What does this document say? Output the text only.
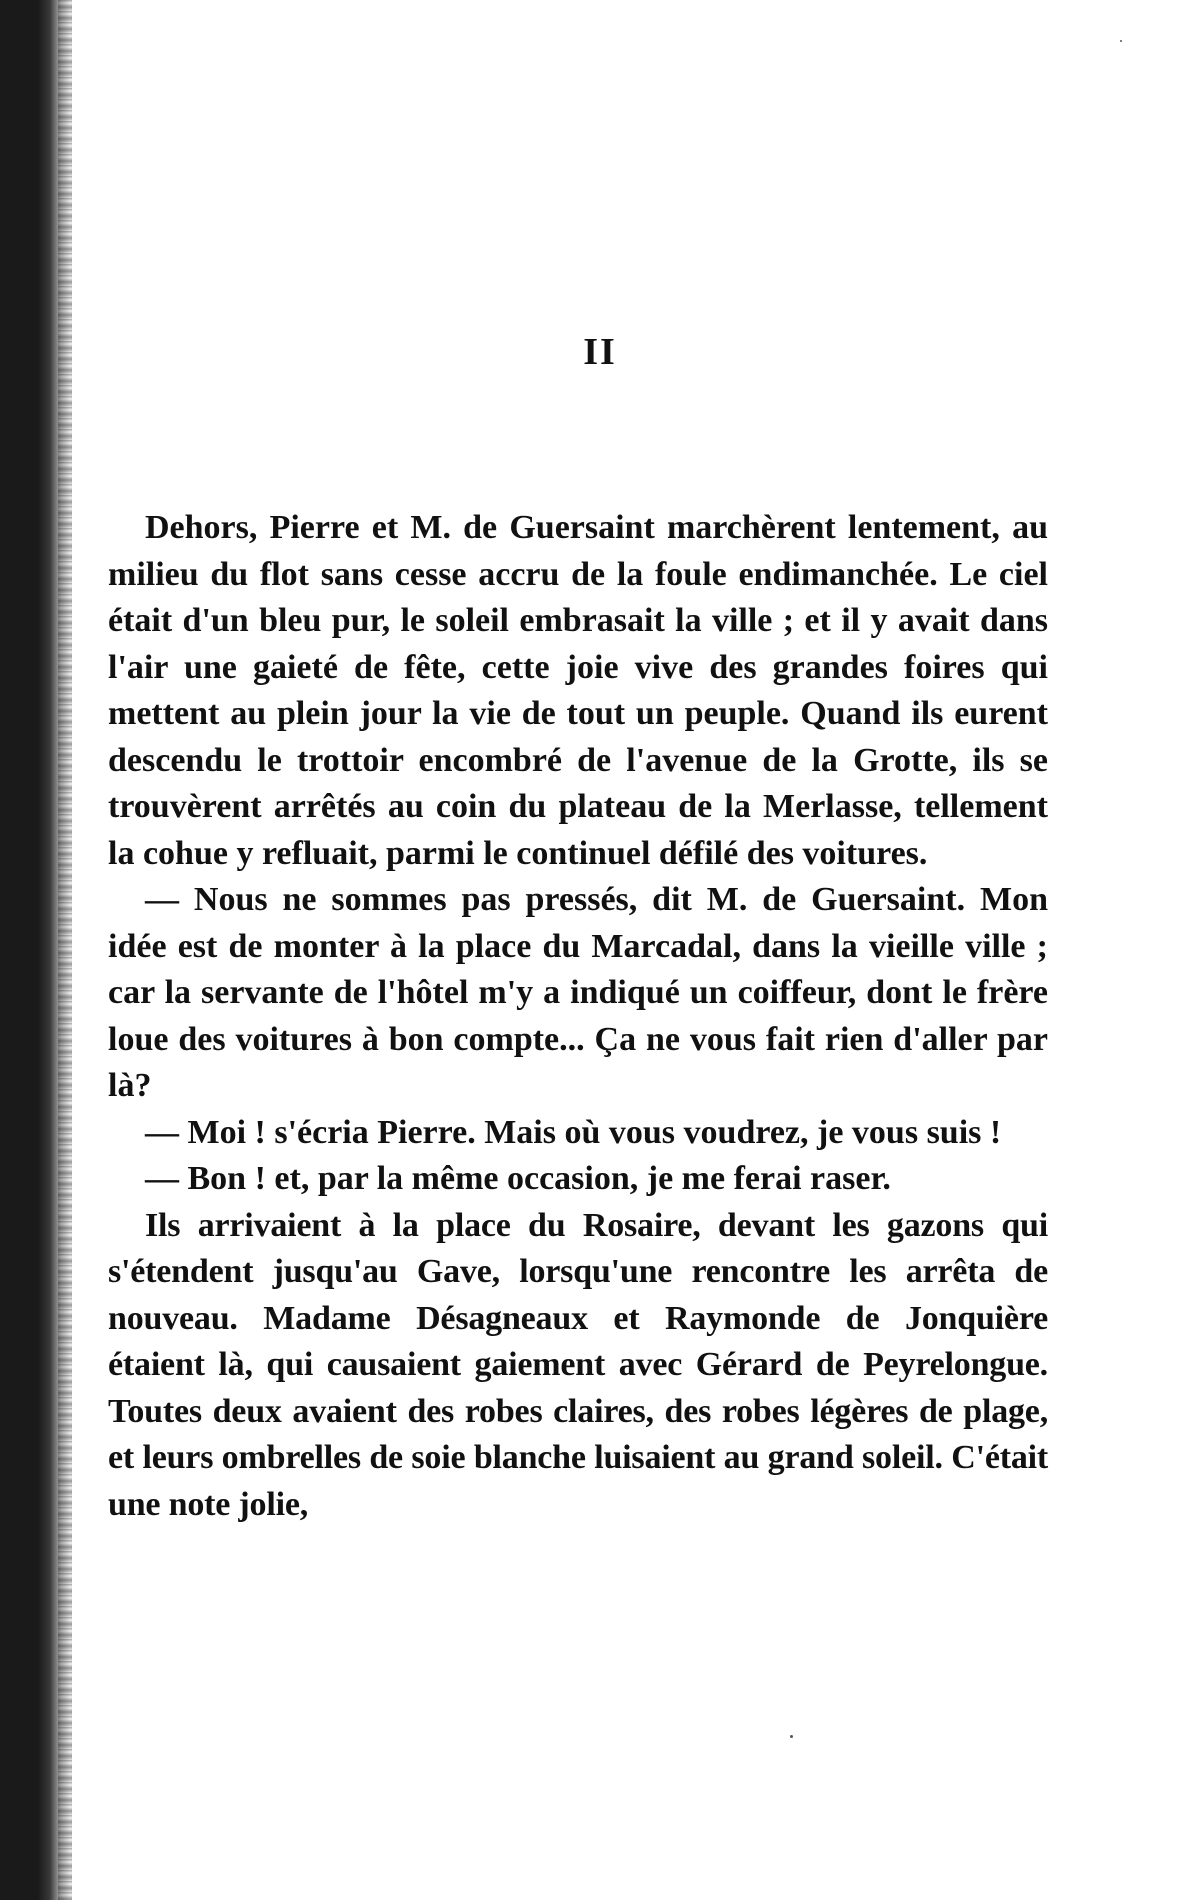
II

Dehors, Pierre et M. de Guersaint marchèrent lentement, au milieu du flot sans cesse accru de la foule endimanchée. Le ciel était d'un bleu pur, le soleil embrasait la ville ; et il y avait dans l'air une gaieté de fête, cette joie vive des grandes foires qui mettent au plein jour la vie de tout un peuple. Quand ils eurent descendu le trottoir encombré de l'avenue de la Grotte, ils se trouvèrent arrêtés au coin du plateau de la Merlasse, tellement la cohue y refluait, parmi le continuel défilé des voitures.

— Nous ne sommes pas pressés, dit M. de Guersaint. Mon idée est de monter à la place du Marcadal, dans la vieille ville ; car la servante de l'hôtel m'y a indiqué un coiffeur, dont le frère loue des voitures à bon compte... Ça ne vous fait rien d'aller par là?

— Moi ! s'écria Pierre. Mais où vous voudrez, je vous suis !

— Bon ! et, par la même occasion, je me ferai raser.

Ils arrivaient à la place du Rosaire, devant les gazons qui s'étendent jusqu'au Gave, lorsqu'une rencontre les arrêta de nouveau. Madame Désagneaux et Raymonde de Jonquière étaient là, qui causaient gaiement avec Gérard de Peyrelongue. Toutes deux avaient des robes claires, des robes légères de plage, et leurs ombrelles de soie blanche luisaient au grand soleil. C'était une note jolie,
